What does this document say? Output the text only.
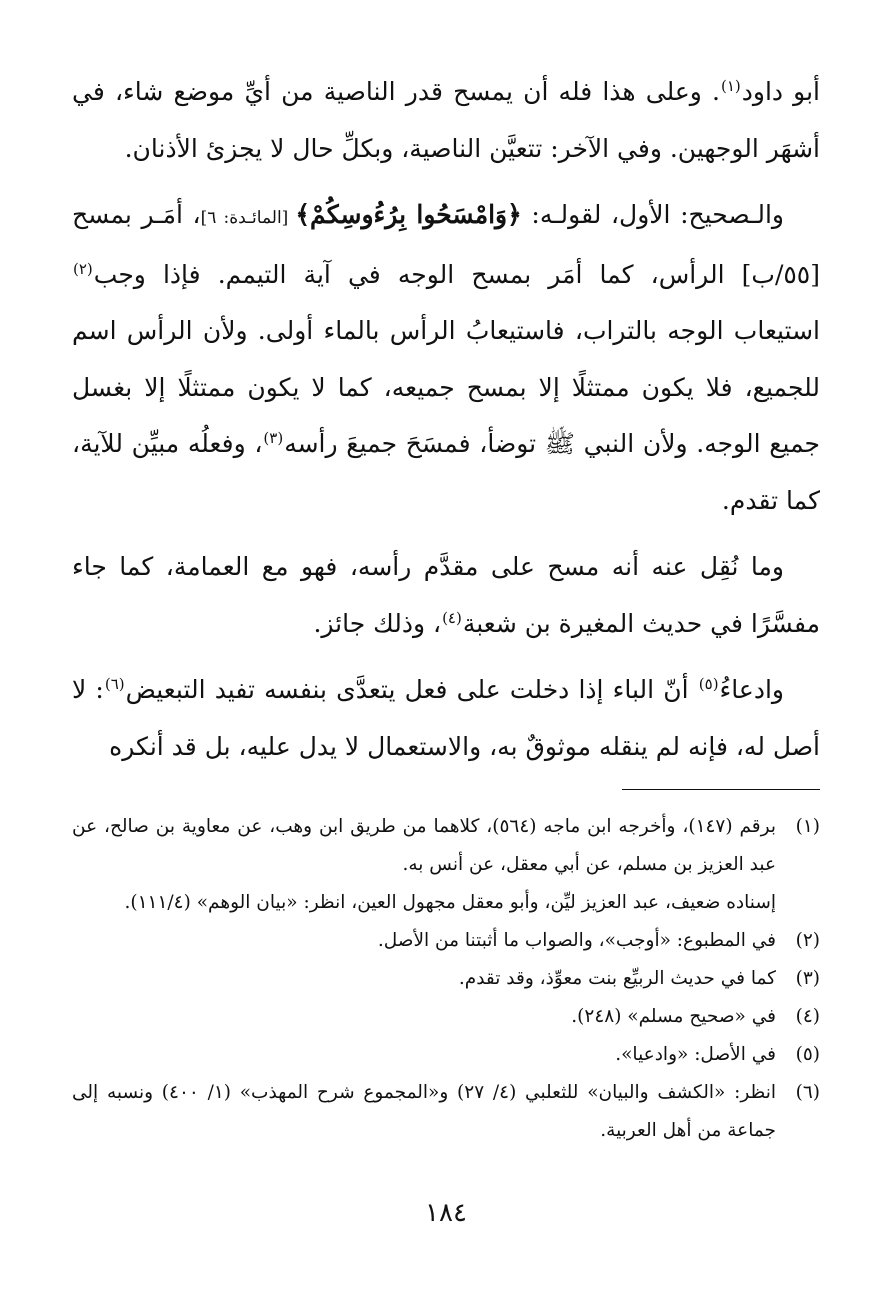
أبو داود$^{(١)}$. وعلى هذا فله أن يمسح قدر الناصية من أيِّ موضع شاء، في أشهَر الوجهين. وفي الآخر: تتعيَّن الناصية، وبكلِّ حال لا يجزئ الأذنان.

والـصحيح: الأول، لقولـه: ﴿وَامْسَحُوا بِرُءُوسِكُمْ﴾ [المائـدة: ٦]، أمَـر بمسح [٥٥/ب] الرأس، كما أمَر بمسح الوجه في آية التيمم. فإذا وجب$^{(٢)}$ استيعاب الوجه بالتراب، فاستيعابُ الرأس بالماء أولى. ولأن الرأس اسم للجميع، فلا يكون ممتثلًا إلا بمسح جميعه، كما لا يكون ممتثلًا إلا بغسل جميع الوجه. ولأن النبي ﷺ توضأ، فمسَحَ جميعَ رأسه$^{(٣)}$، وفعلُه مبيِّن للآية، كما تقدم.

وما نُقِل عنه أنه مسح على مقدَّم رأسه، فهو مع العمامة، كما جاء مفسَّرًا في حديث المغيرة بن شعبة$^{(٤)}$، وذلك جائز.

وادعاءُ$^{(٥)}$ أنّ الباء إذا دخلت على فعل يتعدَّى بنفسه تفيد التبعيض$^{(٦)}$: لا أصل له، فإنه لم ينقله موثوقٌ به، والاستعمال لا يدل عليه، بل قد أنكره

(١)
برقم (١٤٧)، وأخرجه ابن ماجه (٥٦٤)، كلاهما من طريق ابن وهب، عن معاوية بن صالح، عن عبد العزيز بن مسلم، عن أبي معقل، عن أنس به.
إسناده ضعيف، عبد العزيز ليِّن، وأبو معقل مجهول العين، انظر: «بيان الوهم» (١١١/٤).
(٢)
في المطبوع: «أوجب»، والصواب ما أثبتنا من الأصل.
(٣)
كما في حديث الربيِّع بنت معوِّذ، وقد تقدم.
(٤)
في «صحيح مسلم» (٢٤٨).
(٥)
في الأصل: «وادعيا».
(٦)
انظر: «الكشف والبيان» للثعلبي (٤/ ٢٧) و«المجموع شرح المهذب» (١/ ٤٠٠) ونسبه إلى جماعة من أهل العربية.
١٨٤
